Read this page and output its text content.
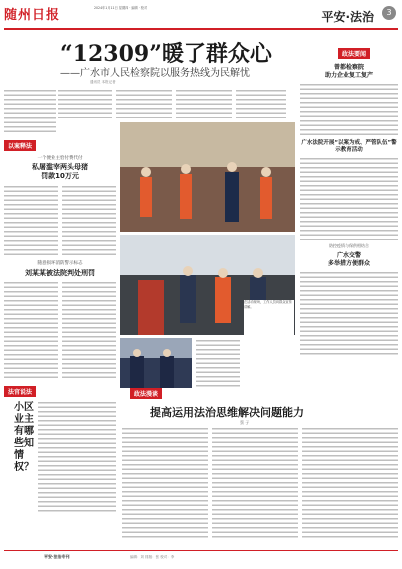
随州日报	2024年1月11日 星期四 · 编辑 · 校对
平安·法治	3
“12309”暖了群众心
——广水市人民检察院以服务热线为民解忧
通讯员 本报记者
政法要闻
曾都检察院
助力企业复工复产
广水法院开展“以案为戒、严管队伍”警示教育活动
防控疫情与保供相结合
广水交警
多举措方便群众
在活动现场，工作人员向群众宣传讲解。
以案释法
一个便业主恰付费代付
私屠滥宰两头母猪
罚款10万元
随意损坏消防警示标志
刘某某被法院判处刑罚
法官说法
小区业主有哪些知情权？
政法漫谈
提高运用法治思维解决问题能力
蔡 子
平安·法治专刊	编辑：刘 排版：张 校对：李
